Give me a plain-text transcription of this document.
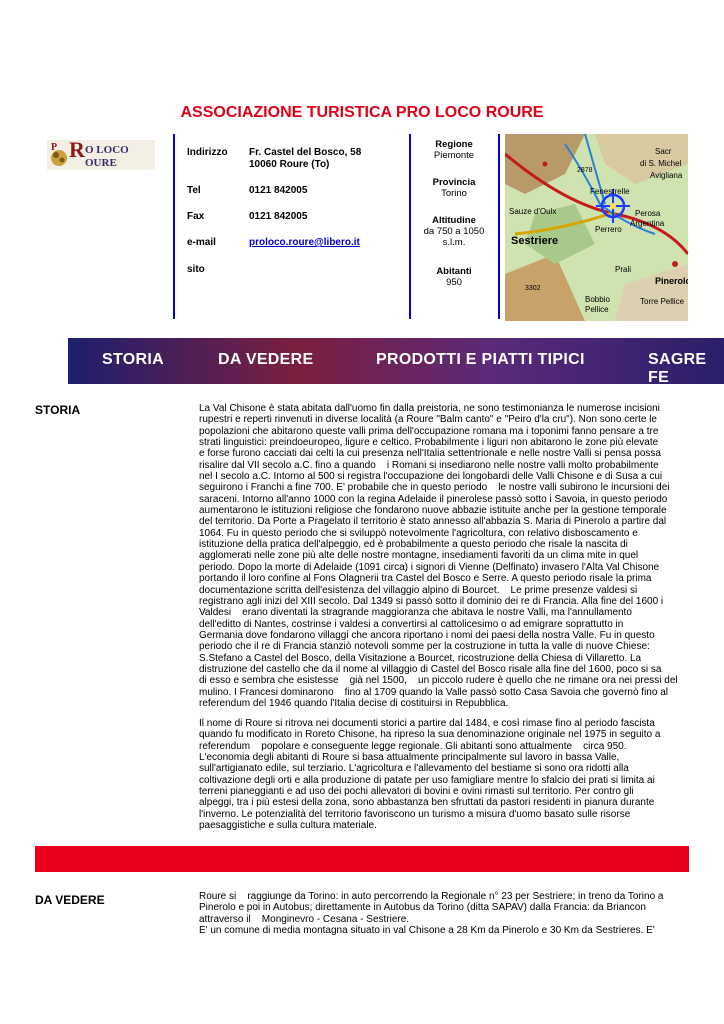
ASSOCIAZIONE TURISTICA PRO LOCO ROURE
R O LOCO
OURE
P	Indirizzo Fr. Castel del Bosco, 58
10060 Roure (To)
Tel	0121 842005
Fax	0121 842005
e-mail	proloco.roure@libero.it
sito
Regione
Piemonte
Provincia
Torino
Altitudine
da 750 a 1050
s.l.m.
Abitanti
950
Sacr
di S. Michel
Avigliana
2878
Fenestrelle
Perosa
Argentina
Sauze d'Oulx
Perrero
Sestriere
Prali
Pinerolo
3302
Bobbio
Pellice
Torre Pellice
STORIA	DA VEDERE	PRODOTTI E PIATTI TIPICI	SAGRE FE
STORIA	La Val Chisone è stata abitata dall'uomo fin dalla preistoria, ne sono testimonianza le numerose incisioni
rupestri e reperti rinvenuti in diverse località (a Roure "Balm canto" e "Peiro d'la cru"). Non sono certe le
popolazioni che abitarono queste valli prima dell'occupazione romana ma i toponimi fanno pensare a tre
strati linguistici: preindoeuropeo, ligure e celtico. Probabilmente i liguri non abitarono le zone più elevate
e forse furono cacciati dai celti la cui presenza nell'Italia settentrionale e nelle nostre Valli si pensa possa
risalire dal VII secolo a.C. fino a quando    i Romani si insediarono nelle nostre valli molto probabilmente
nel I secolo a.C. Intorno al 500 si registra l'occupazione dei longobardi delle Valli Chisone e di Susa a cui
seguirono i Franchi a fine 700. E' probabile che in questo periodo    le nostre valli subirono le incursioni dei
saraceni. Intorno all'anno 1000 con la regina Adelaide il pinerolese passò sotto i Savoia, in questo periodo
aumentarono le istituzioni religiose che fondarono nuove abbazie istituite anche per la gestione temporale
del territorio. Da Porte a Pragelato il territorio è stato annesso all'abbazia S. Maria di Pinerolo a partire dal
1064. Fu in questo periodo che si sviluppò notevolmente l'agricoltura, con relativo disboscamento e
istituzione della pratica dell'alpeggio, ed è probabilmente a questo periodo che risale la nascita di
agglomerati nelle zone più alte delle nostre montagne, insediamenti favoriti da un clima mite in quel
periodo. Dopo la morte di Adelaide (1091 circa) i signori di Vienne (Delfinato) invasero l'Alta Val Chisone
portando il loro confine al Fons Olagnerii tra Castel del Bosco e Serre. A questo periodo risale la prima
documentazione scritta dell'esistenza del villaggio alpino di Bourcet.    Le prime presenze valdesi si
registrano agli inizi del XIII secolo. Dal 1349 si passò sotto il dominio dei re di Francia. Alla fine del 1600 i
Valdesi    erano diventati la stragrande maggioranza che abitava le nostre Valli, ma l'annullamento
dell'editto di Nantes, costrinse i valdesi a convertirsi al cattolicesimo o ad emigrare soprattutto in
Germania dove fondarono villaggi che ancora riportano i nomi dei paesi della nostra Valle. Fu in questo
periodo che il re di Francia stanziò notevoli somme per la costruzione in tutta la valle di nuove Chiese:
S.Stefano a Castel del Bosco, della Visitazione a Bourcet, ricostruzione della Chiesa di Villaretto. La
distruzione del castello che da il nome al villaggio di Castel del Bosco risale alla fine del 1600, poco si sa
di esso e sembra che esistesse    già nel 1500,    un piccolo rudere è quello che ne rimane ora nei pressi del
mulino. I Francesi dominarono    fino al 1709 quando la Valle passò sotto Casa Savoia che governò fino al
referendum del 1946 quando l'Italia decise di costituirsi in Repubblica.
Il nome di Roure si ritrova nei documenti storici a partire dal 1484, e così rimase fino al periodo fascista
quando fu modificato in Roreto Chisone, ha ripreso la sua denominazione originale nel 1975 in seguito a
referendum    popolare e conseguente legge regionale. Gli abitanti sono attualmente    circa 950.
L'economia degli abitanti di Roure si basa attualmente principalmente sul lavoro in bassa Valle,
sull'artigianato edile, sul terziario. L'agricoltura e l'allevamento del bestiame si sono ora ridotti alla
coltivazione degli orti e alla produzione di patate per uso famigliare mentre lo sfalcio dei prati si limita ai
terreni pianeggianti e ad uso dei pochi allevatori di bovini e ovini rimasti sul territorio. Per contro gli
alpeggi, tra i più estesi della zona, sono abbastanza ben sfruttati da pastori residenti in pianura durante
l'inverno. Le potenzialità del territorio favoriscono un turismo a misura d'uomo basato sulle risorse
paesaggistiche e sulla cultura materiale.
DA VEDERE	Roure si    raggiunge da Torino: in auto percorrendo la Regionale n° 23 per Sestriere; in treno da Torino a
Pinerolo e poi in Autobus; direttamente in Autobus da Torino (ditta SAPAV) dalla Francia: da Briancon
attraverso il    Monginevro - Cesana - Sestriere.
E' un comune di media montagna situato in val Chisone a 28 Km da Pinerolo e 30 Km da Sestrieres. E'
